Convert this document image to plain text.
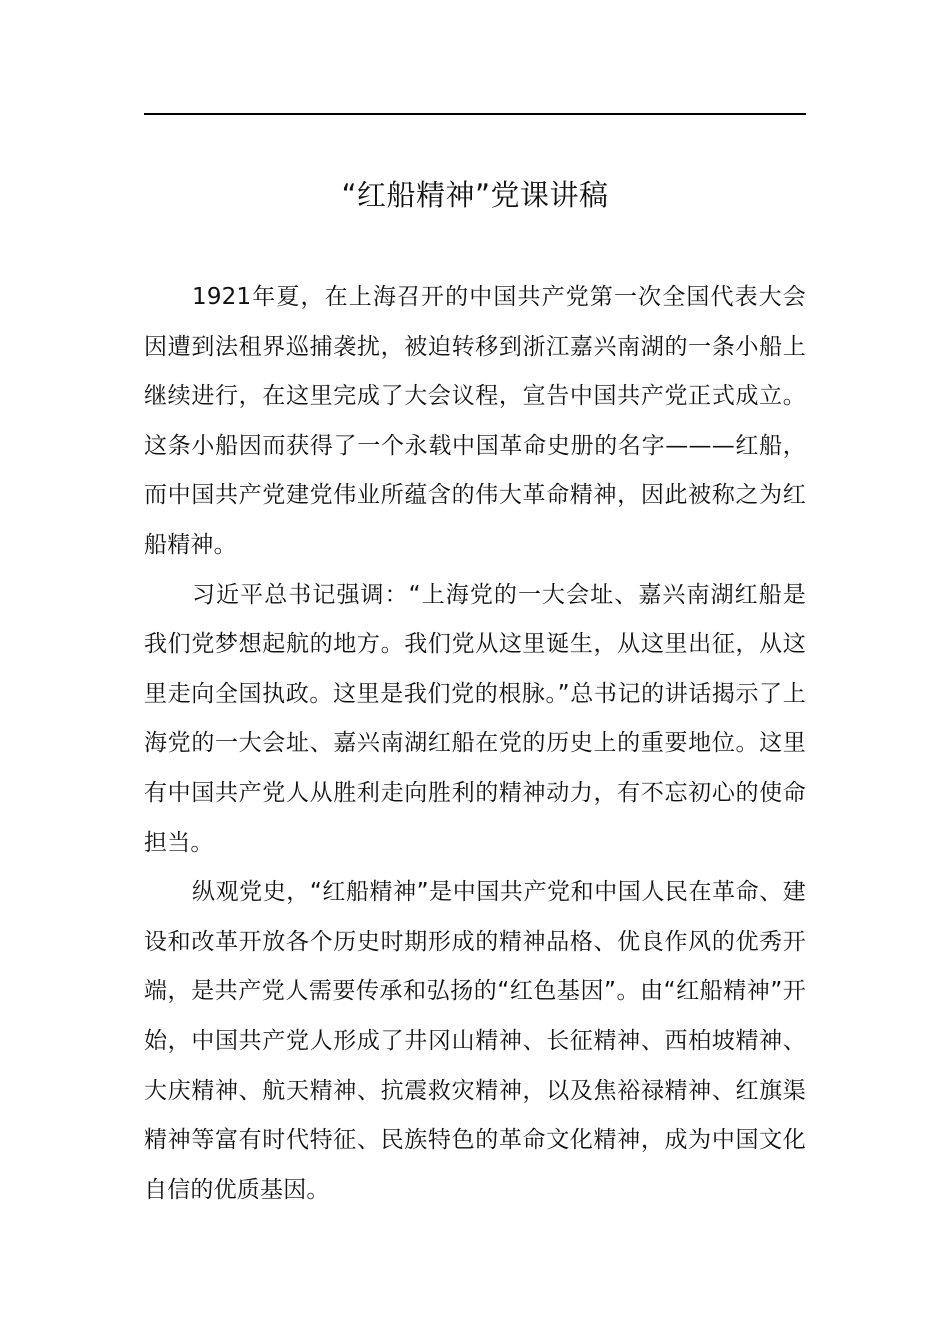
“红船精神”党课讲稿

1921年夏，在上海召开的中国共产党第一次全国代表大会因遭到法租界巡捕袭扰，被迫转移到浙江嘉兴南湖的一条小船上继续进行，在这里完成了大会议程，宣告中国共产党正式成立。这条小船因而获得了一个永载中国革命史册的名字———红船，而中国共产党建党伟业所蕴含的伟大革命精神，因此被称之为红船精神。

习近平总书记强调：“上海党的一大会址、嘉兴南湖红船是我们党梦想起航的地方。我们党从这里诞生，从这里出征，从这里走向全国执政。这里是我们党的根脉。”总书记的讲话揭示了上海党的一大会址、嘉兴南湖红船在党的历史上的重要地位。这里有中国共产党人从胜利走向胜利的精神动力，有不忘初心的使命担当。

纵观党史，“红船精神”是中国共产党和中国人民在革命、建设和改革开放各个历史时期形成的精神品格、优良作风的优秀开端，是共产党人需要传承和弘扬的“红色基因”。由“红船精神”开始，中国共产党人形成了井冈山精神、长征精神、西柏坡精神、大庆精神、航天精神、抗震救灾精神，以及焦裕禄精神、红旗渠精神等富有时代特征、民族特色的革命文化精神，成为中国文化自信的优质基因。
